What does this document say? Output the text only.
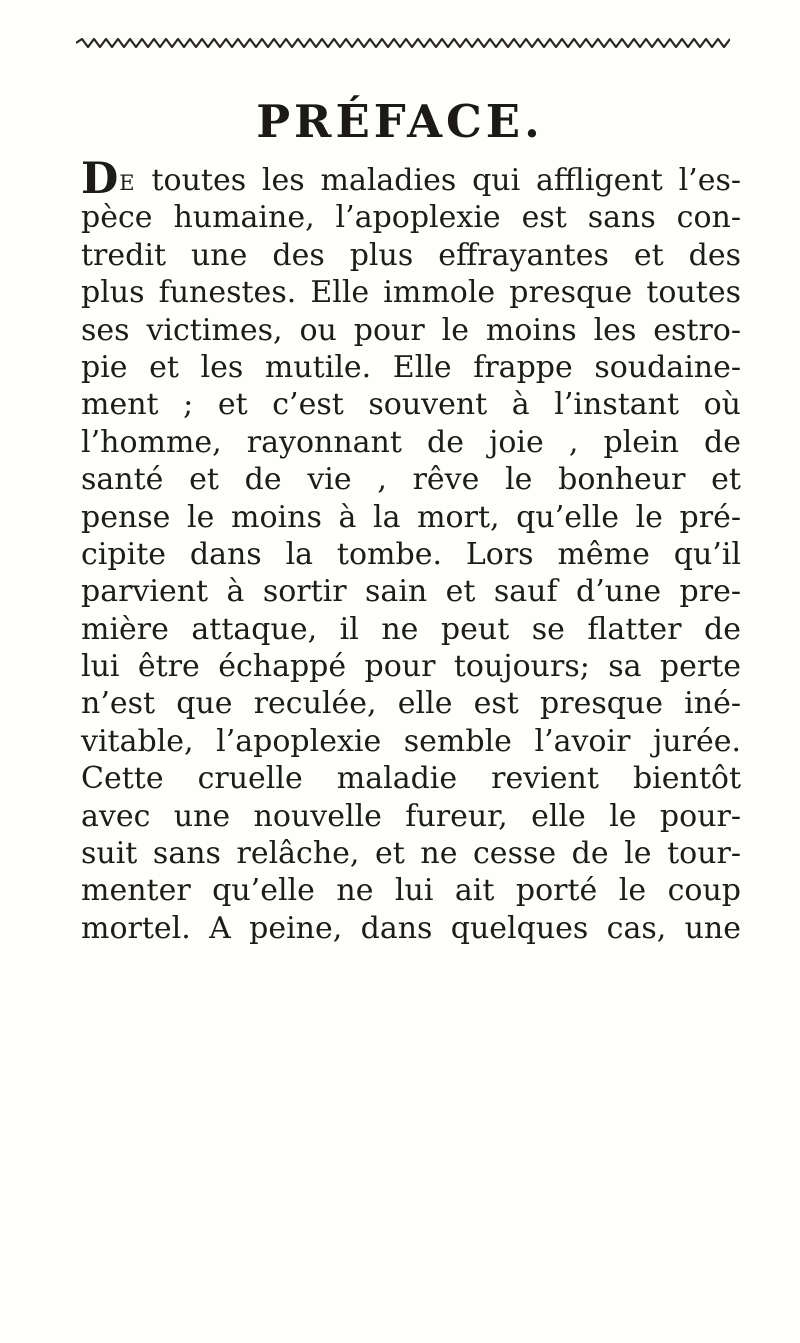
PRÉFACE.
DE toutes les maladies qui affligent l’es-
pèce humaine, l’apoplexie est sans con-
tredit une des plus effrayantes et des
plus funestes. Elle immole presque toutes
ses victimes, ou pour le moins les estro-
pie et les mutile. Elle frappe soudaine-
ment ; et c’est souvent à l’instant où
l’homme, rayonnant de joie , plein de
santé et de vie , rêve le bonheur et
pense le moins à la mort, qu’elle le pré-
cipite dans la tombe. Lors même qu’il
parvient à sortir sain et sauf d’une pre-
mière attaque, il ne peut se flatter de
lui être échappé pour toujours; sa perte
n’est que reculée, elle est presque iné-
vitable, l’apoplexie semble l’avoir jurée.
Cette cruelle maladie revient bientôt
avec une nouvelle fureur, elle le pour-
suit sans relâche, et ne cesse de le tour-
menter qu’elle ne lui ait porté le coup
mortel. A peine, dans quelques cas, une
